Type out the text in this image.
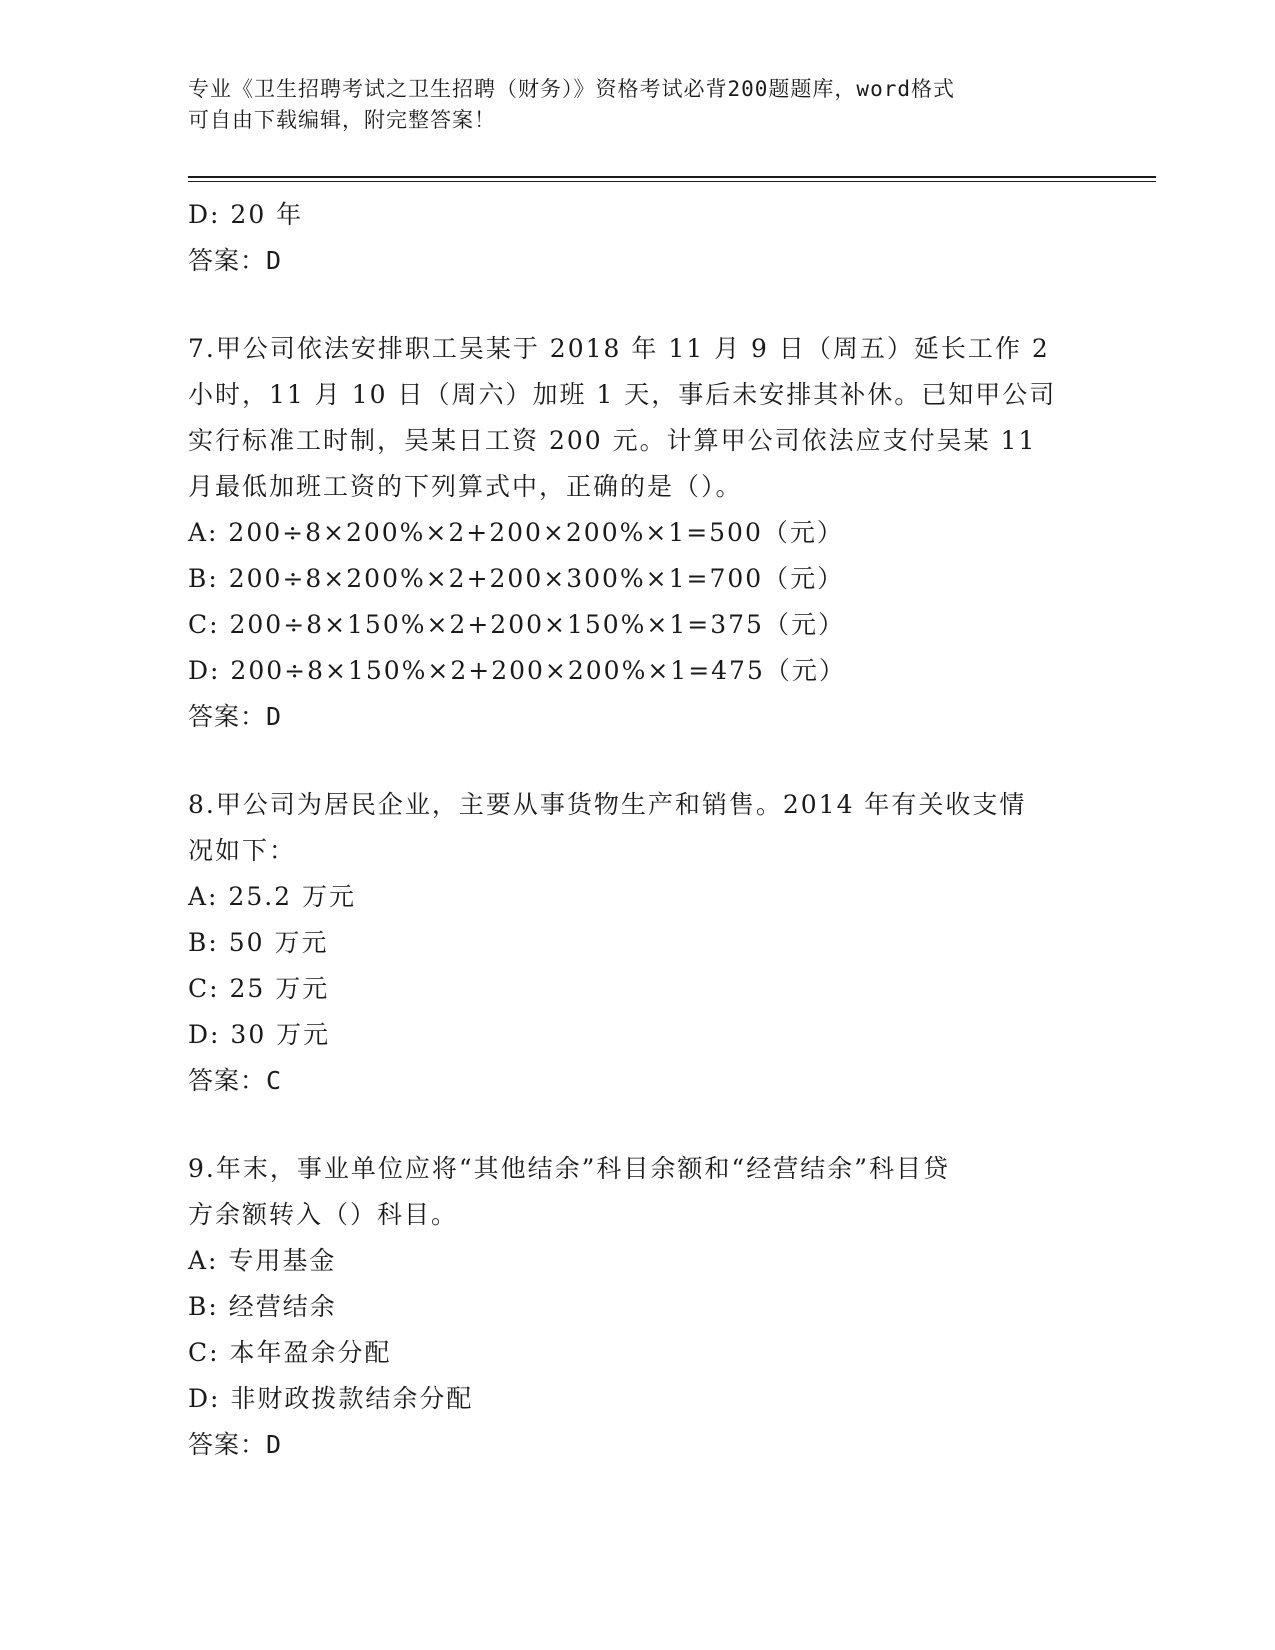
专业《卫生招聘考试之卫生招聘（财务）》资格考试必背200题题库，word格式
可自由下载编辑，附完整答案！
D: 20 年
答案：D
7.甲公司依法安排职工吴某于 2018 年 11 月 9 日（周五）延长工作 2
小时，11 月 10 日（周六）加班 1 天，事后未安排其补休。已知甲公司
实行标准工时制，吴某日工资 200 元。计算甲公司依法应支付吴某 11
月最低加班工资的下列算式中，正确的是（）。
A: 200÷8×200%×2+200×200%×1=500（元）
B: 200÷8×200%×2+200×300%×1=700（元）
C: 200÷8×150%×2+200×150%×1=375（元）
D: 200÷8×150%×2+200×200%×1=475（元）
答案：D
8.甲公司为居民企业，主要从事货物生产和销售。2014 年有关收支情
况如下：
A: 25.2 万元
B: 50 万元
C: 25 万元
D: 30 万元
答案：C
9.年末，事业单位应将“其他结余”科目余额和“经营结余”科目贷
方余额转入（）科目。
A: 专用基金
B: 经营结余
C: 本年盈余分配
D: 非财政拨款结余分配
答案：D
